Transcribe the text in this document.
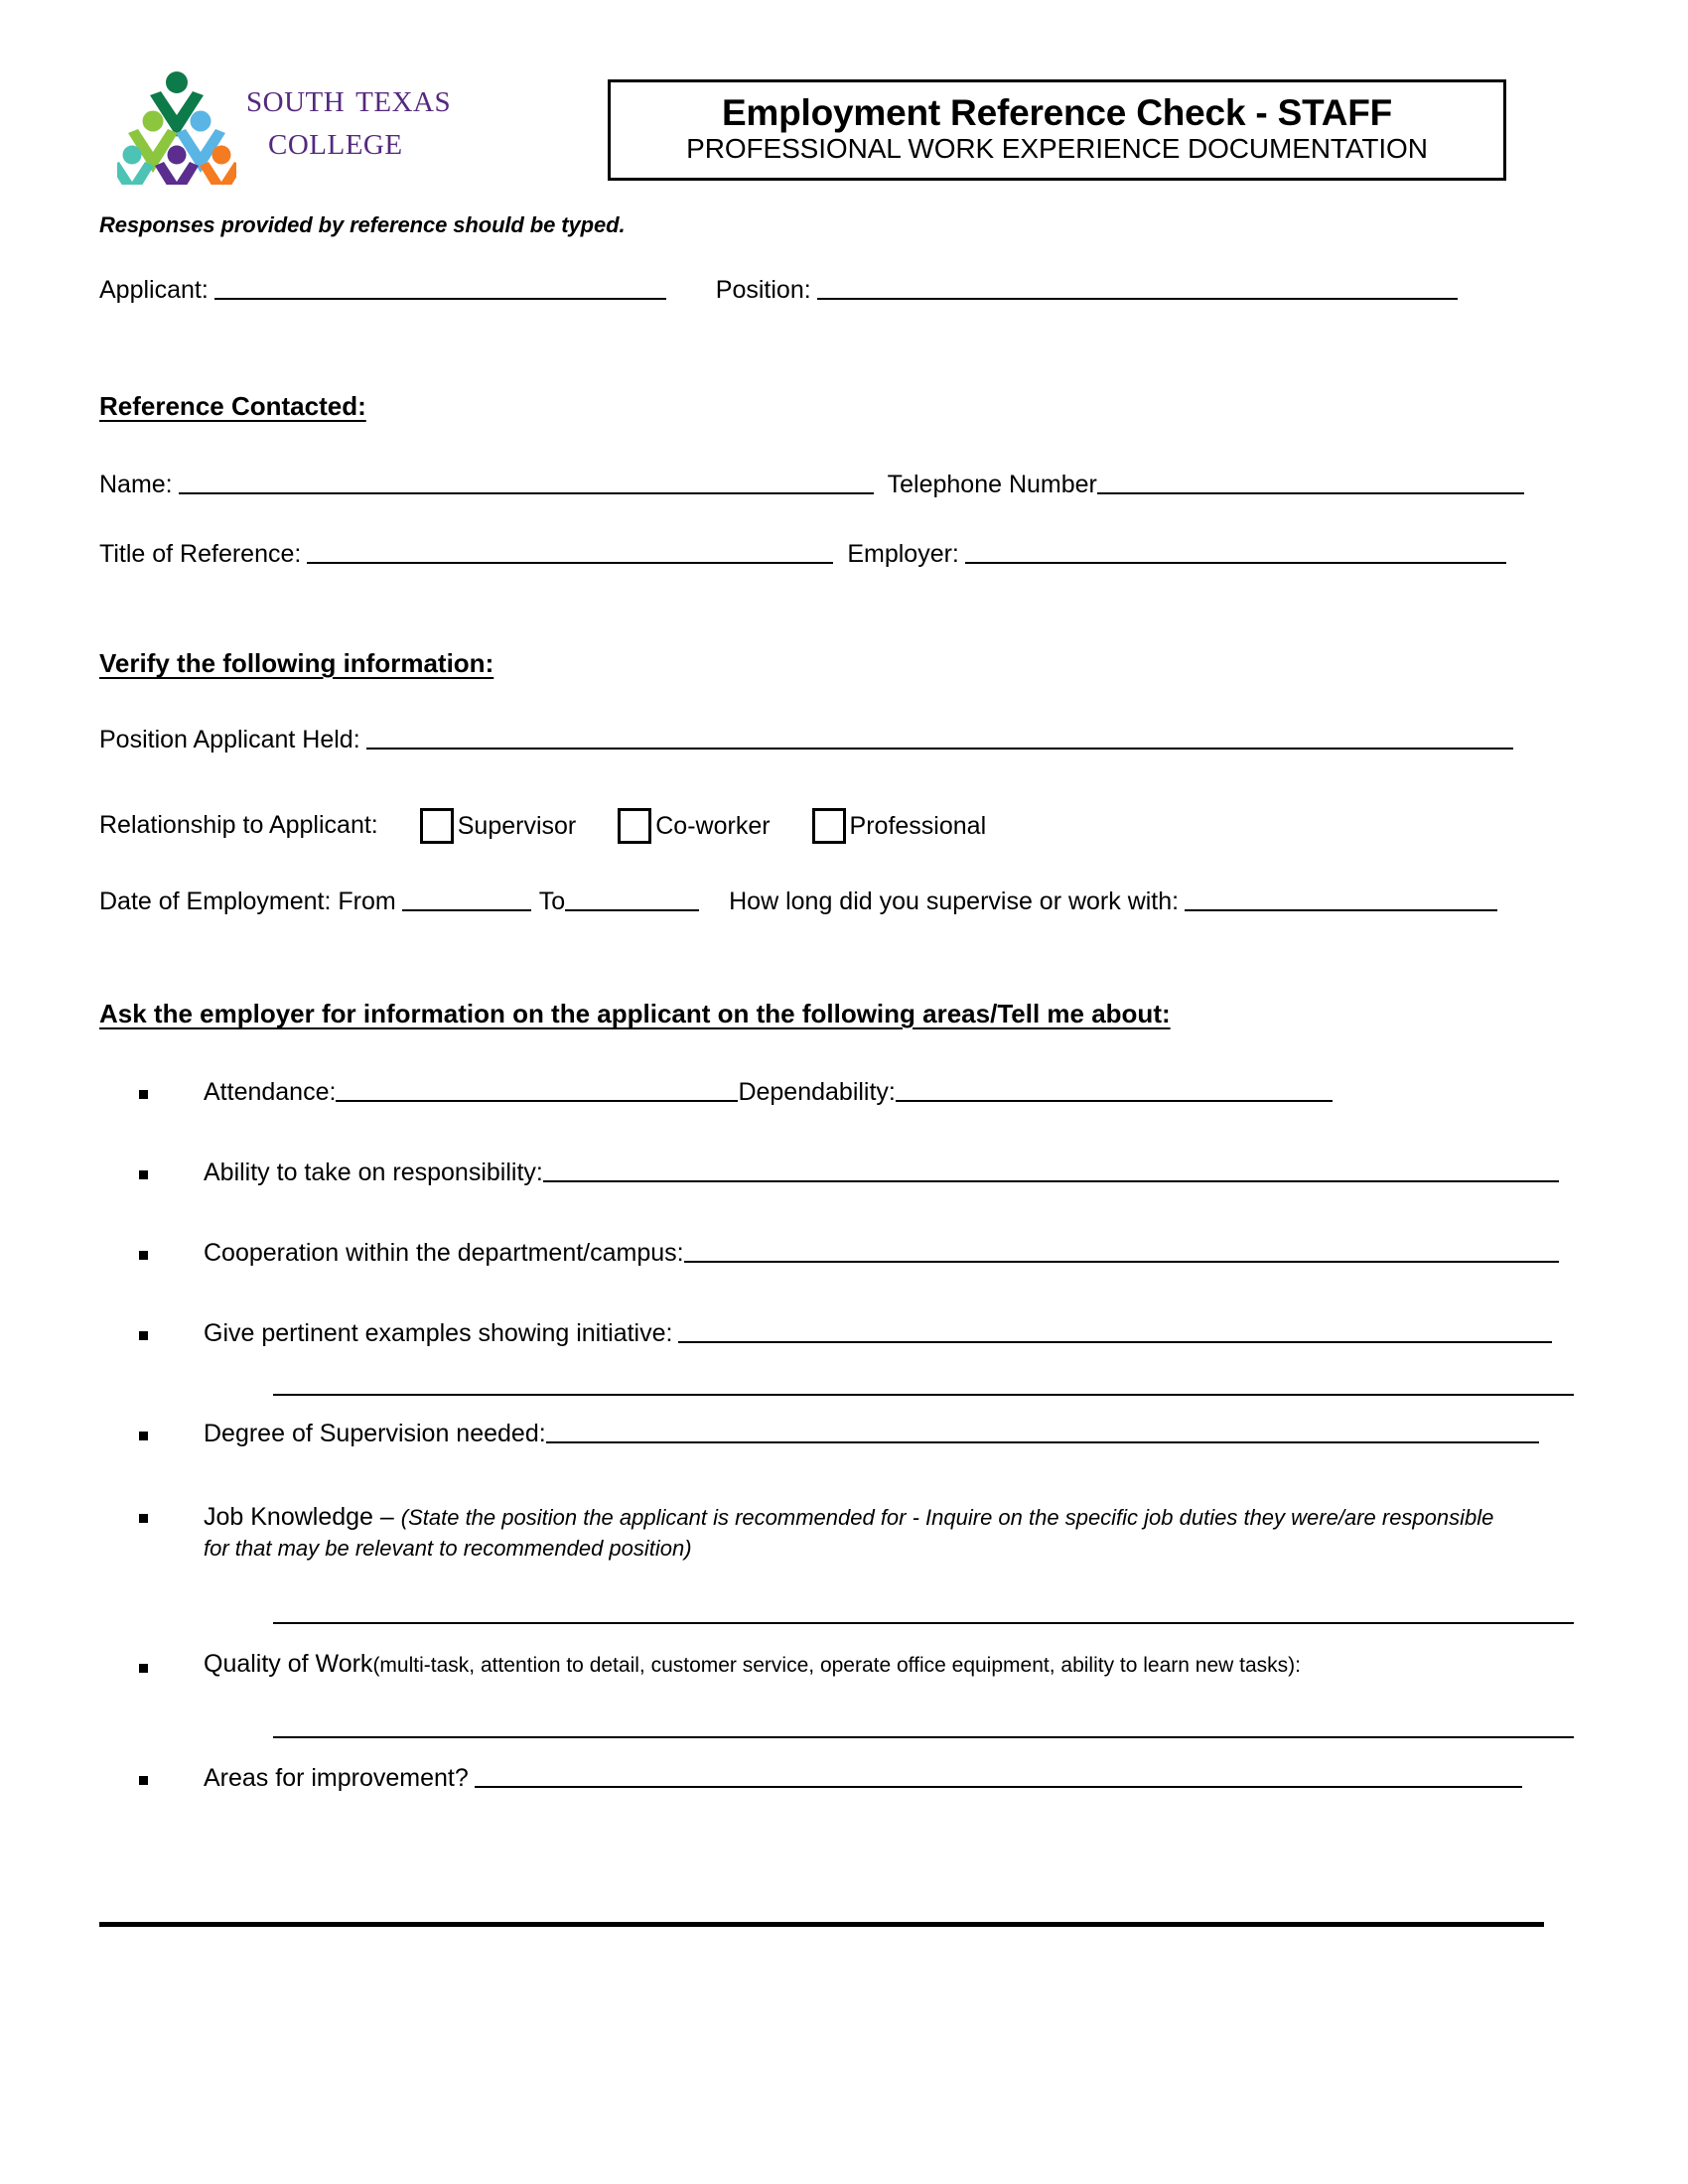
south texas
college
Employment Reference Check - STAFF
PROFESSIONAL WORK EXPERIENCE DOCUMENTATION
Responses provided by reference should be typed.
Applicant:	Position:
Reference Contacted:
Name:	Telephone Number
Title of Reference:	Employer:
Verify the following information:
Position Applicant Held:
Relationship to Applicant:	Supervisor	Co-worker	Professional
Date of Employment: From	To	How long did you supervise or work with:
Ask the employer for information on the applicant on the following areas/Tell me about:
Attendance:	Dependability:
Ability to take on responsibility:
Cooperation within the department/campus:
Give pertinent examples showing initiative:
Degree of Supervision needed:
Job Knowledge – (State the position the applicant is recommended for - Inquire on the specific job duties they were/are responsible for that may be relevant to recommended position)
Quality of Work (multi-task, attention to detail, customer service, operate office equipment, ability to learn new tasks):
Areas for improvement?
